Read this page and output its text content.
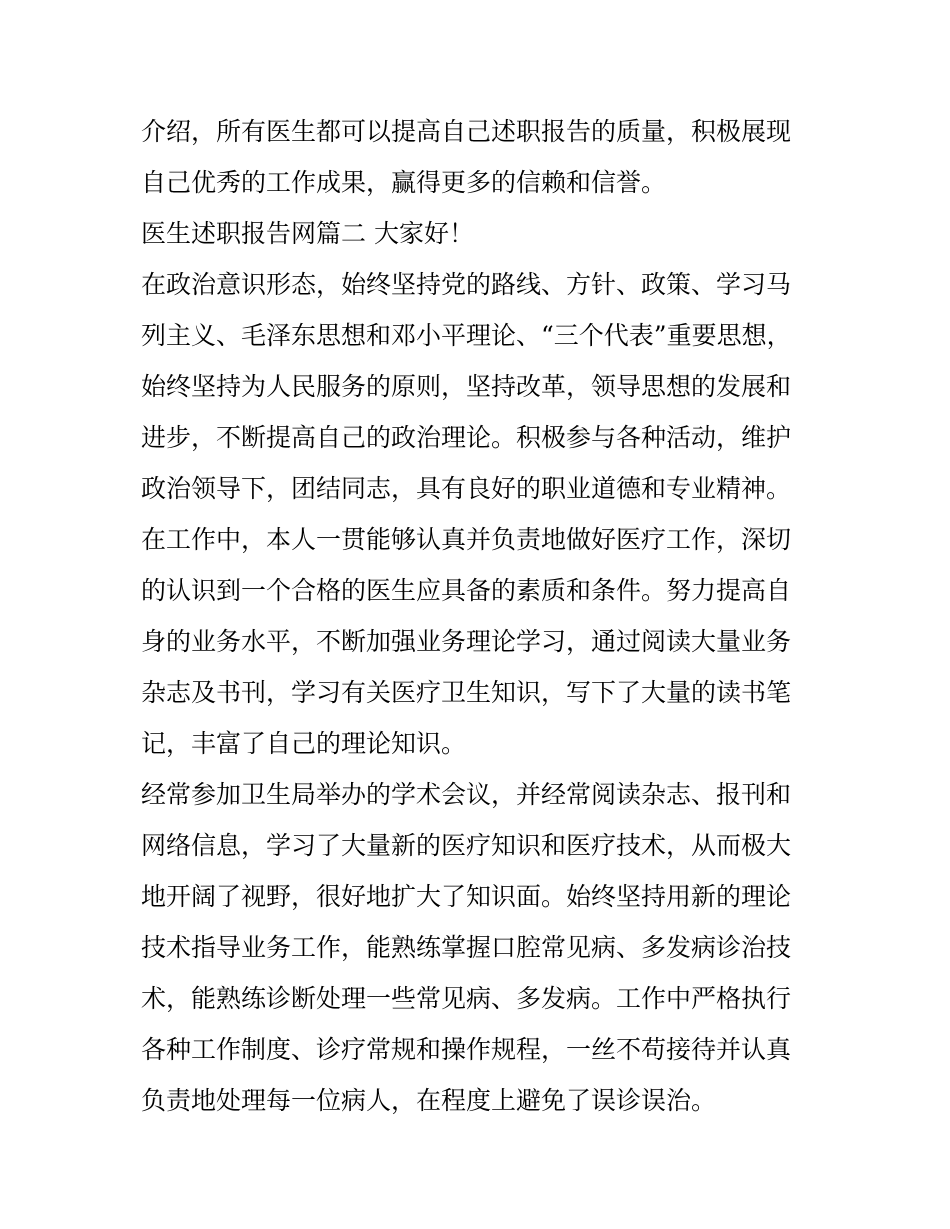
介绍，所有医生都可以提高自己述职报告的质量，积极展现自己优秀的工作成果，赢得更多的信赖和信誉。

医生述职报告网篇二 大家好！

在政治意识形态，始终坚持党的路线、方针、政策、学习马列主义、毛泽东思想和邓小平理论、“三个代表”重要思想，始终坚持为人民服务的原则，坚持改革，领导思想的发展和进步，不断提高自己的政治理论。积极参与各种活动，维护政治领导下，团结同志，具有良好的职业道德和专业精神。

在工作中，本人一贯能够认真并负责地做好医疗工作，深切的认识到一个合格的医生应具备的素质和条件。努力提高自身的业务水平，不断加强业务理论学习，通过阅读大量业务杂志及书刊，学习有关医疗卫生知识，写下了大量的读书笔记，丰富了自己的理论知识。

经常参加卫生局举办的学术会议，并经常阅读杂志、报刊和网络信息，学习了大量新的医疗知识和医疗技术，从而极大地开阔了视野，很好地扩大了知识面。始终坚持用新的理论技术指导业务工作，能熟练掌握口腔常见病、多发病诊治技术，能熟练诊断处理一些常见病、多发病。工作中严格执行各种工作制度、诊疗常规和操作规程，一丝不苟接待并认真负责地处理每一位病人，在程度上避免了误诊误治。
